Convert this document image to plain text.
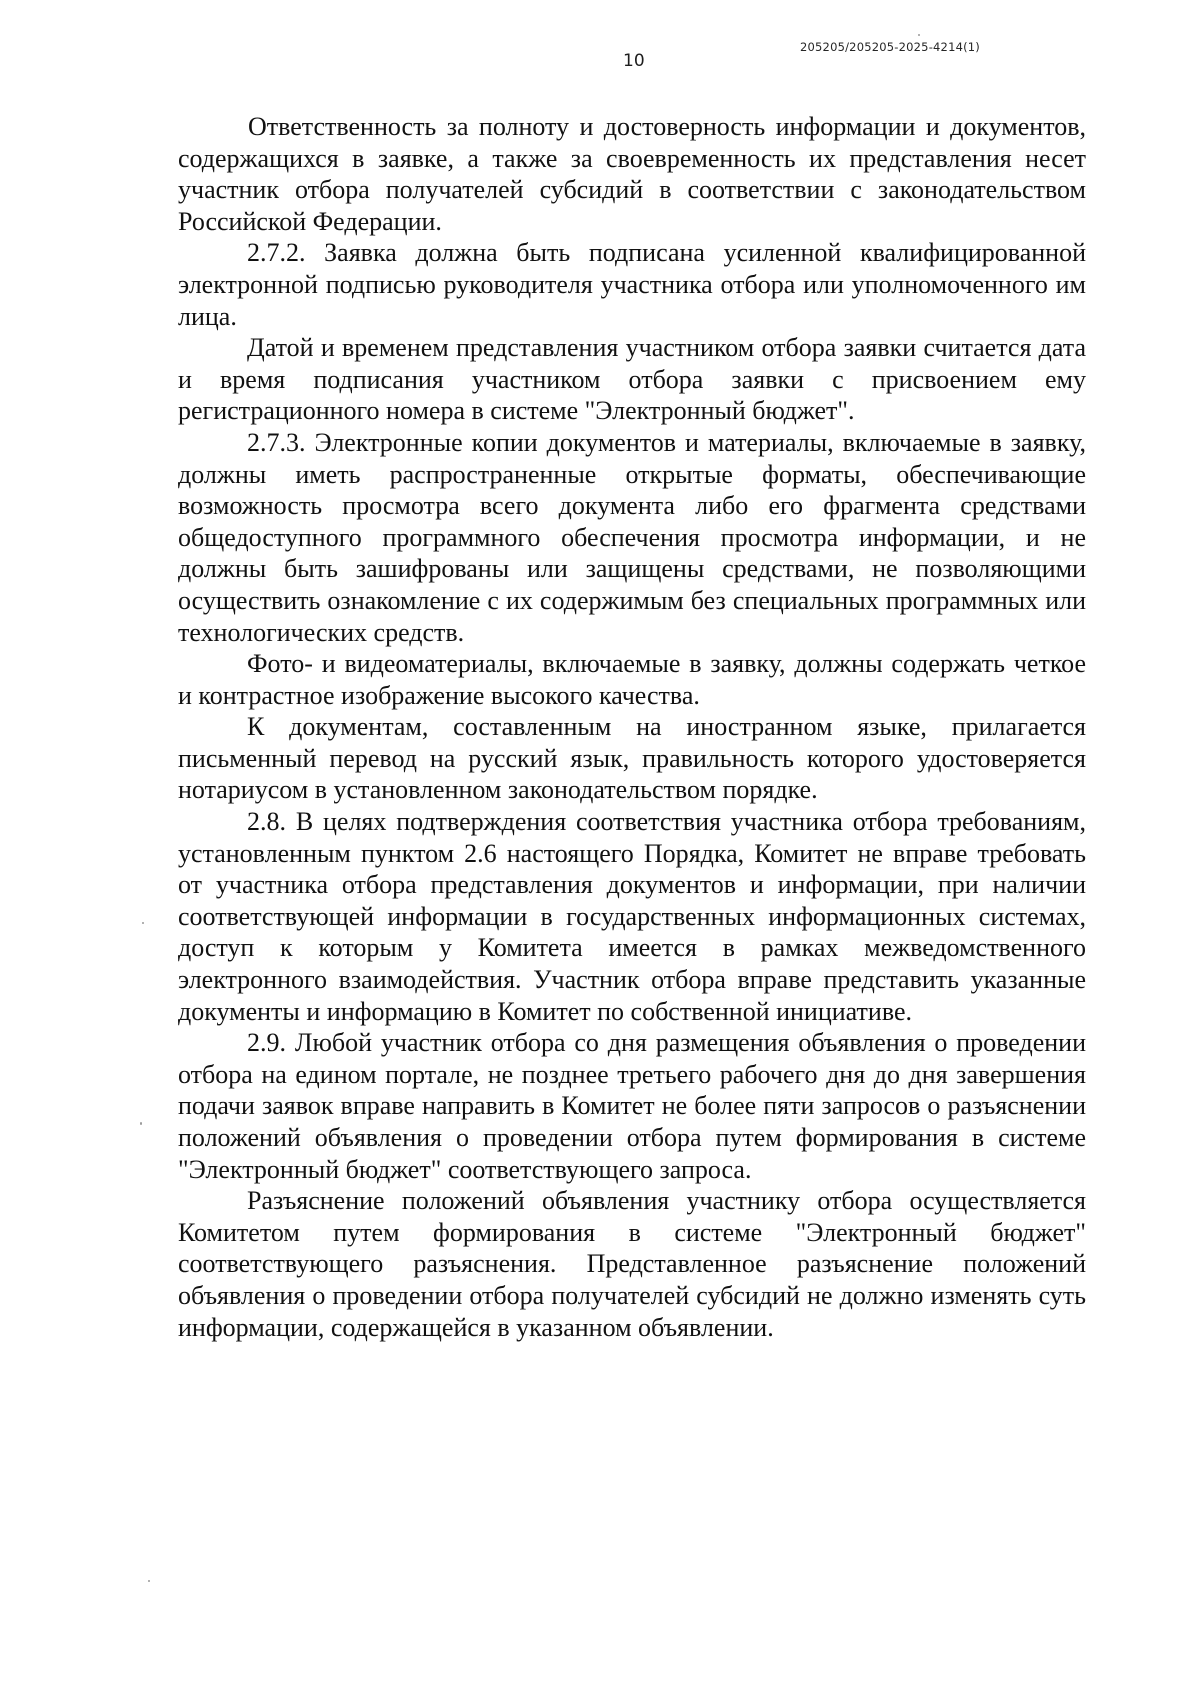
205205/205205-2025-4214(1)
10

Ответственность за полноту и достоверность информации и документов, содержащихся в заявке, а также за своевременность их представления несет участник отбора получателей субсидий в соответствии с законодательством Российской Федерации.

2.7.2. Заявка должна быть подписана усиленной квалифицированной электронной подписью руководителя участника отбора или уполномоченного им лица.

Датой и временем представления участником отбора заявки считается дата и время подписания участником отбора заявки с присвоением ему регистрационного номера в системе "Электронный бюджет".

2.7.3. Электронные копии документов и материалы, включаемые в заявку, должны иметь распространенные открытые форматы, обеспечивающие возможность просмотра всего документа либо его фрагмента средствами общедоступного программного обеспечения просмотра информации, и не должны быть зашифрованы или защищены средствами, не позволяющими осуществить ознакомление с их содержимым без специальных программных или технологических средств.

Фото- и видеоматериалы, включаемые в заявку, должны содержать четкое и контрастное изображение высокого качества.

К документам, составленным на иностранном языке, прилагается письменный перевод на русский язык, правильность которого удостоверяется нотариусом в установленном законодательством порядке.

2.8. В целях подтверждения соответствия участника отбора требованиям, установленным пунктом 2.6 настоящего Порядка, Комитет не вправе требовать от участника отбора представления документов и информации, при наличии соответствующей информации в государственных информационных системах, доступ к которым у Комитета имеется в рамках межведомственного электронного взаимодействия. Участник отбора вправе представить указанные документы и информацию в Комитет по собственной инициативе.

2.9. Любой участник отбора со дня размещения объявления о проведении отбора на едином портале, не позднее третьего рабочего дня до дня завершения подачи заявок вправе направить в Комитет не более пяти запросов о разъяснении положений объявления о проведении отбора путем формирования в системе "Электронный бюджет" соответствующего запроса.

Разъяснение положений объявления участнику отбора осуществляется Комитетом путем формирования в системе "Электронный бюджет" соответствующего разъяснения. Представленное разъяснение положений объявления о проведении отбора получателей субсидий не должно изменять суть информации, содержащейся в указанном объявлении.
